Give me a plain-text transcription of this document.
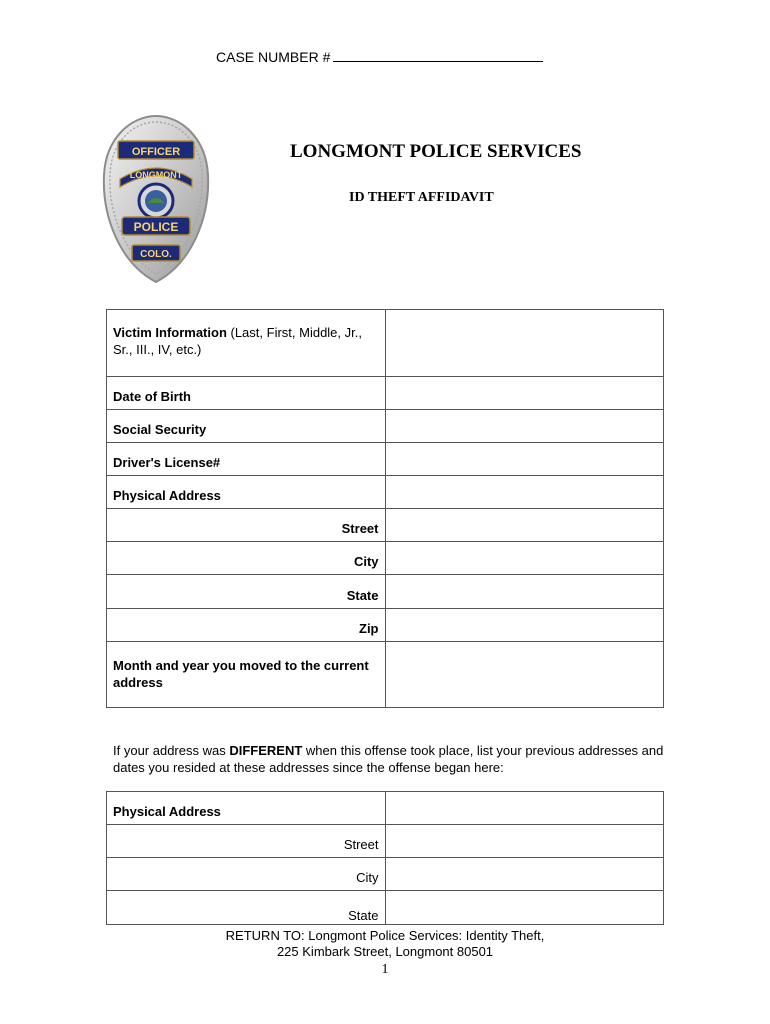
CASE NUMBER #
OFFICER
LONGMONT
POLICE
COLO.
LONGMONT POLICE SERVICES
ID THEFT AFFIDAVIT
Victim Information (Last, First, Middle, Jr., Sr., III., IV, etc.)	
Date of Birth	
Social Security	
Driver's License#	
Physical Address	
Street	
City	
State	
Zip	
Month and year you moved to the current address	
If your address was DIFFERENT when this offense took place, list your previous addresses and dates you resided at these addresses since the offense began here:
Physical Address	
Street	
City	
State	
RETURN TO: Longmont Police Services: Identity Theft,
225 Kimbark Street, Longmont 80501
1
